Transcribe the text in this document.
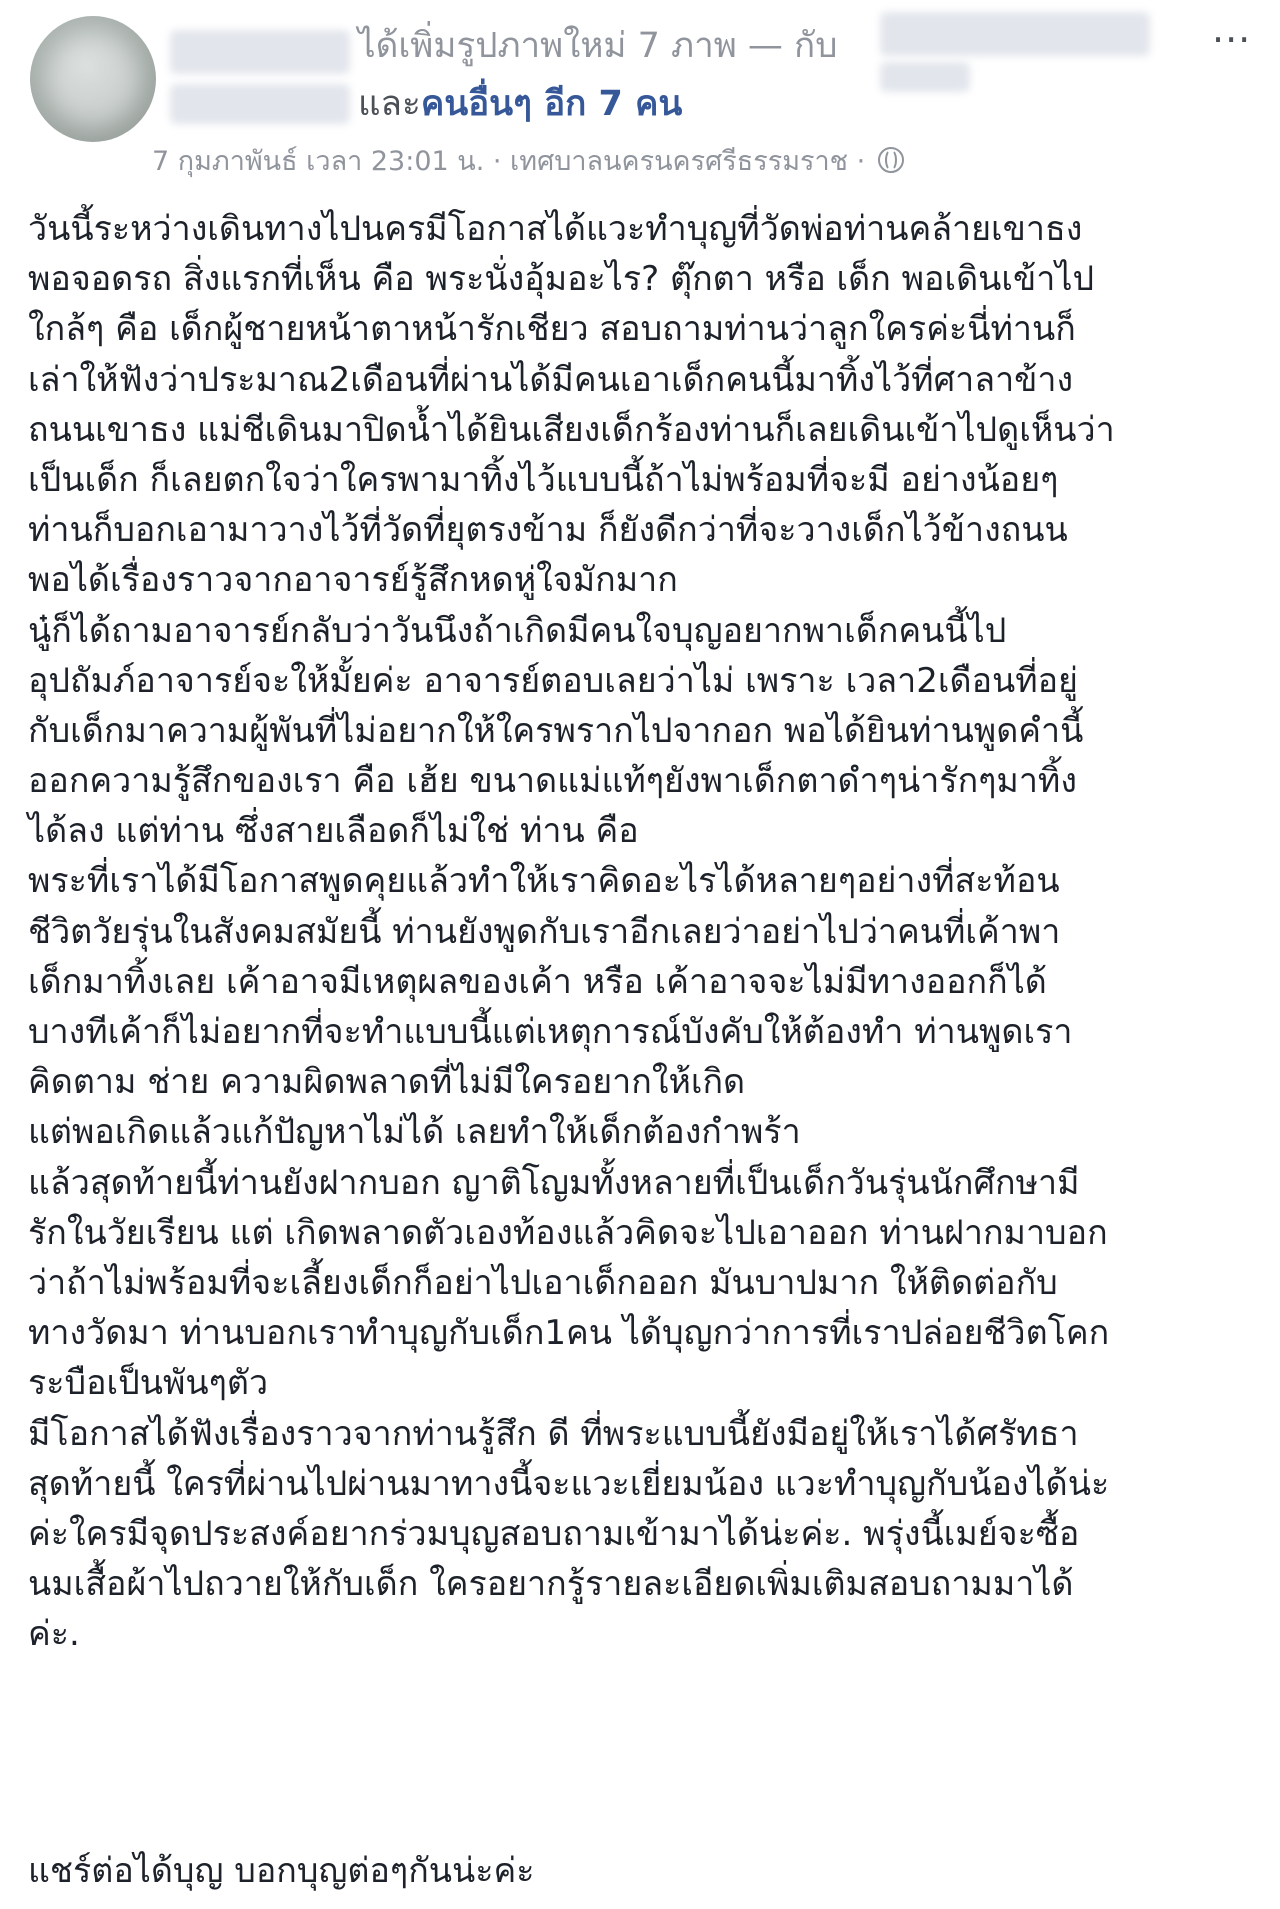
ได้เพิ่มรูปภาพใหม่ 7 ภาพ — กับ
และคนอื่นๆ อีก 7 คน
···
7 กุมภาพันธ์ เวลา 23:01 น. · เทศบาลนครนครศรีธรรมราช ·
วันนี้ระหว่างเดินทางไปนครมีโอกาสได้แวะทำบุญที่วัดพ่อท่านคล้ายเขาธง
พอจอดรถ สิ่งแรกที่เห็น คือ พระนั่งอุ้มอะไร? ตุ๊กตา หรือ เด็ก พอเดินเข้าไป
ใกล้ๆ คือ เด็กผู้ชายหน้าตาหน้ารักเชียว สอบถามท่านว่าลูกใครค่ะนี่ท่านก็
เล่าให้ฟังว่าประมาณ2เดือนที่ผ่านได้มีคนเอาเด็กคนนี้มาทิ้งไว้ที่ศาลาข้าง
ถนนเขาธง แม่ชีเดินมาปิดน้ำได้ยินเสียงเด็กร้องท่านก็เลยเดินเข้าไปดูเห็นว่า
เป็นเด็ก ก็เลยตกใจว่าใครพามาทิ้งไว้แบบนี้ถ้าไม่พร้อมที่จะมี อย่างน้อยๆ
ท่านก็บอกเอามาวางไว้ที่วัดที่ยุตรงข้าม ก็ยังดีกว่าที่จะวางเด็กไว้ข้างถนน
พอได้เรื่องราวจากอาจารย์รู้สึกหดหู่ใจมักมาก
นู๋ก็ได้ถามอาจารย์กลับว่าวันนึงถ้าเกิดมีคนใจบุญอยากพาเด็กคนนี้ไป
อุปถัมภ์อาจารย์จะให้มั้ยค่ะ อาจารย์ตอบเลยว่าไม่ เพราะ เวลา2เดือนที่อยู่
กับเด็กมาความผู้พันที่ไม่อยากให้ใครพรากไปจากอก พอได้ยินท่านพูดคำนี้
ออกความรู้สึกของเรา คือ เฮ้ย ขนาดแม่แท้ๆยังพาเด็กตาดำๆน่ารักๆมาทิ้ง
ได้ลง แต่ท่าน ซึ่งสายเลือดก็ไม่ใช่ ท่าน คือ
พระที่เราได้มีโอกาสพูดคุยแล้วทำให้เราคิดอะไรได้หลายๆอย่างที่สะท้อน
ชีวิตวัยรุ่นในสังคมสมัยนี้ ท่านยังพูดกับเราอีกเลยว่าอย่าไปว่าคนที่เค้าพา
เด็กมาทิ้งเลย เค้าอาจมีเหตุผลของเค้า หรือ เค้าอาจจะไม่มีทางออกก็ได้
บางทีเค้าก็ไม่อยากที่จะทำแบบนี้แต่เหตุการณ์บังคับให้ต้องทำ ท่านพูดเรา
คิดตาม ช่าย ความผิดพลาดที่ไม่มีใครอยากให้เกิด
แต่พอเกิดแล้วแก้ปัญหาไม่ได้ เลยทำให้เด็กต้องกำพร้า
แล้วสุดท้ายนี้ท่านยังฝากบอก ญาติโญมทั้งหลายที่เป็นเด็กวันรุ่นนักศึกษามี
รักในวัยเรียน แต่ เกิดพลาดตัวเองท้องแล้วคิดจะไปเอาออก ท่านฝากมาบอก
ว่าถ้าไม่พร้อมที่จะเลี้ยงเด็กก็อย่าไปเอาเด็กออก มันบาปมาก ให้ติดต่อกับ
ทางวัดมา ท่านบอกเราทำบุญกับเด็ก1คน ได้บุญกว่าการที่เราปล่อยชีวิตโคก
ระบือเป็นพันๆตัว
มีโอกาสได้ฟังเรื่องราวจากท่านรู้สึก ดี ที่พระแบบนี้ยังมีอยู่ให้เราได้ศรัทธา
สุดท้ายนี้ ใครที่ผ่านไปผ่านมาทางนี้จะแวะเยี่ยมน้อง แวะทำบุญกับน้องได้น่ะ
ค่ะใครมีจุดประสงค์อยากร่วมบุญสอบถามเข้ามาได้น่ะค่ะ. พรุ่งนี้เมย์จะซื้อ
นมเสื้อผ้าไปถวายให้กับเด็ก ใครอยากรู้รายละเอียดเพิ่มเติมสอบถามมาได้
ค่ะ.
แชร์ต่อได้บุญ บอกบุญต่อๆกันน่ะค่ะ
